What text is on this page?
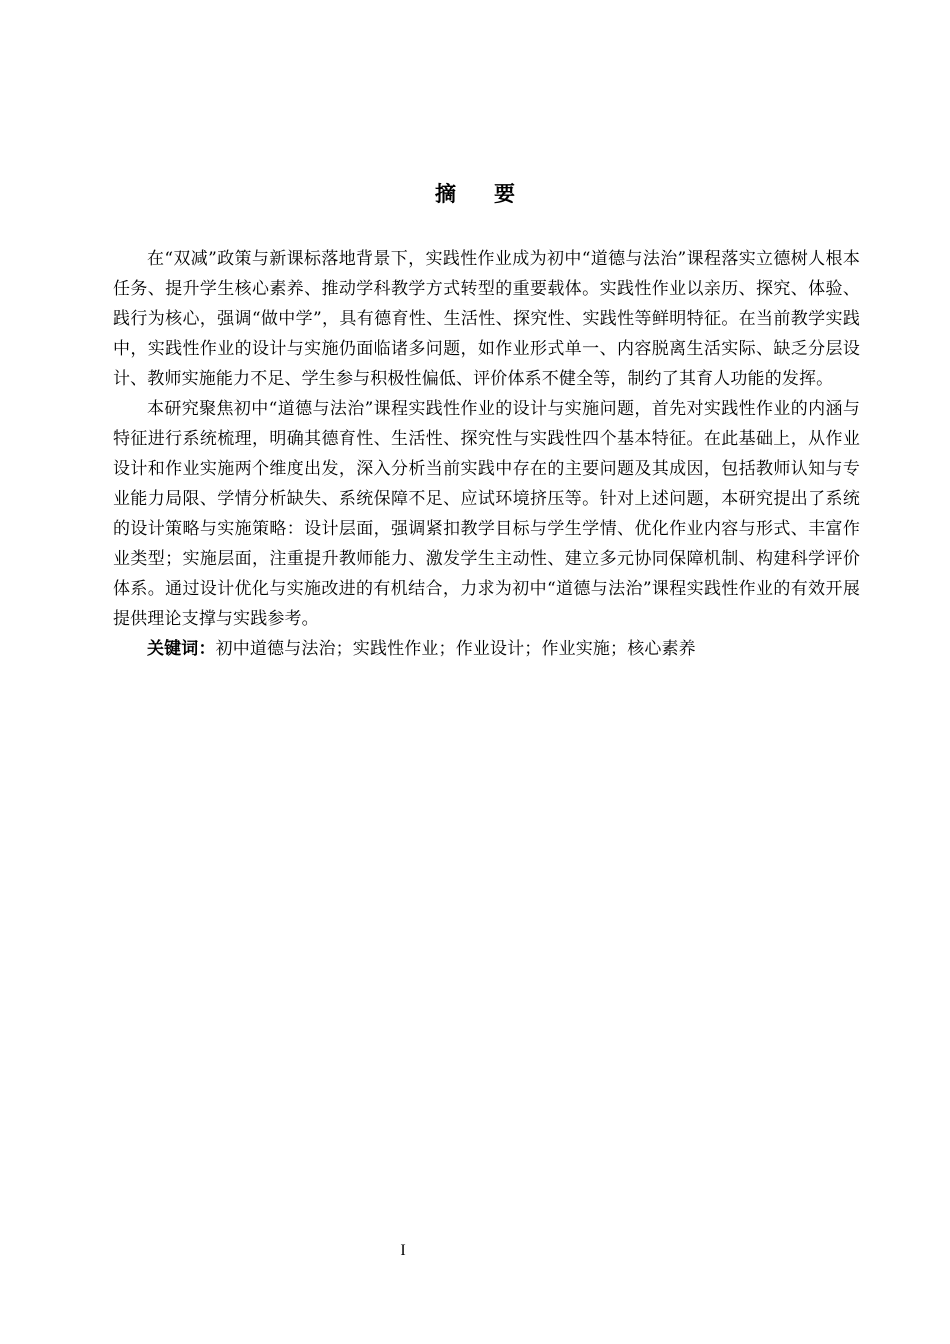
摘 要

在“双减”政策与新课标落地背景下，实践性作业成为初中“道德与法治”课程落实立德树人根本任务、提升学生核心素养、推动学科教学方式转型的重要载体。实践性作业以亲历、探究、体验、践行为核心，强调“做中学”，具有德育性、生活性、探究性、实践性等鲜明特征。在当前教学实践中，实践性作业的设计与实施仍面临诸多问题，如作业形式单一、内容脱离生活实际、缺乏分层设计、教师实施能力不足、学生参与积极性偏低、评价体系不健全等，制约了其育人功能的发挥。

本研究聚焦初中“道德与法治”课程实践性作业的设计与实施问题，首先对实践性作业的内涵与特征进行系统梳理，明确其德育性、生活性、探究性与实践性四个基本特征。在此基础上，从作业设计和作业实施两个维度出发，深入分析当前实践中存在的主要问题及其成因，包括教师认知与专业能力局限、学情分析缺失、系统保障不足、应试环境挤压等。针对上述问题，本研究提出了系统的设计策略与实施策略：设计层面，强调紧扣教学目标与学生学情、优化作业内容与形式、丰富作业类型；实施层面，注重提升教师能力、激发学生主动性、建立多元协同保障机制、构建科学评价体系。通过设计优化与实施改进的有机结合，力求为初中“道德与法治”课程实践性作业的有效开展提供理论支撑与实践参考。

关键词：初中道德与法治；实践性作业；作业设计；作业实施；核心素养

I
